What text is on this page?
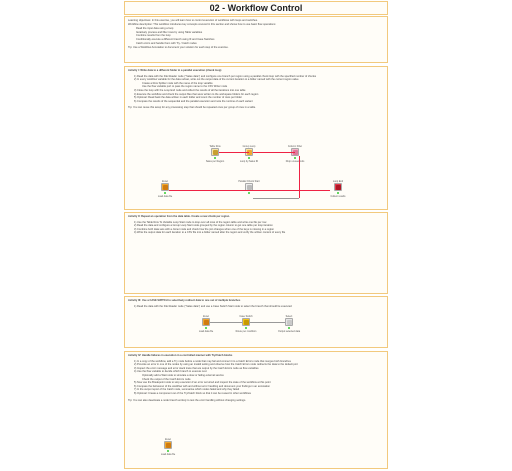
02 - Workflow Control
Learning objectives: In this exercise, you will learn how to control execution of workflows with loops and switches.
Workflow description: This workflow introduces key concepts covered in this section and shows how to use basic flow operations:
• Read the input data using a loop
• Iteratively process and filter rows by using Table variables
• Combine results from the loop
• Conditionally execute a different branch using IF and Case Switches
• Catch errors and handle them with Try / Catch nodes
Tip: Use a Workflow Annotation to document your solution for each step of the exercise.
Activity I: Write data to a different folder in a parallel execution (chunk loop)
1) Read the data with the File Reader node ("Sales data") and configure one branch per region using a parallel chunk loop with the specified number of chunks
2) In every workflow variable for the data subset, write out the output data of the current iteration to a folder named with the current region value
• Create a Row Splitter node with the name of the loop variable
• Use the flow variable port to pass the region name to the CSV Writer node
3) Close the loop with the Loop End node and collect the results of all the iterations into one table
4) Execute the workflow and check the output files that were written to the workspace folders for each region
5) Optional: Read back the data written in each folder and count the number of rows per folder
6) Compare the results of the sequential and the parallel execution and note the runtime of each variant
Tip: You can reuse this setup for any processing step that should be repeated once per group of rows in a table.
Table Row
Sales per Region
Group Loop
Loop by Sales ID
Column Filter
Drop unused cols
Excel
Load data file
Parallel Chunk Start	Loop End
Collect results
Activity II: Repeat an operation from the data table. Create a new chunk per region.
1) Use the Table Row To Variable Loop Start node to loop over all rows of the region table and write one file per row
2) Read the data and configure a Group Loop Start node grouped by the region column to get one table per loop iteration
3) Combine both data sets with a Joiner node and check how the join changes when one of the keys is missing in a region
4) Write the output data for each iteration to a CSV file into a folder named after the region and verify the written content of every file
Activity III: Use a CASE SWITCH to selectively redirect data to one out of multiple branches
1) Read the data with the File Reader node ("Sales data") and use a Case Switch Start node to select the branch that should be executed
Excel
Load data file
Case Switch
Route per condition
Select
Output selected data
Activity IV: Handle failures in execution in a controlled manner with Try/Catch blocks
1) In a copy of the workflow, add a Try node before a node that may fail and connect it to a Catch Errors node that merges both branches
2) Provoke an error in one of the nodes by using an invalid setting and observe how the Catch Errors node redirects the data to the default port
3) Inspect the error message and error stack trace that are output by the Catch Errors node as flow variables
4) Use the flow variable to decide which branch to execute next
• Optionally add a Wait node to simulate a slow or failing external service
• Check the output of the Catch Errors node
5) Now use the Breakpoint node to stop execution if an error occurred and inspect the state of the workflow at this point
6) Compare the behaviour of the workflow with and without error handling and document your findings in an annotation
7) In the output report of the Catch node, summarise which nodes failed and why they failed
8) Optional: Create a component out of the Try/Catch block so that it can be reused in other workflows
Tip: You can also deactivate a node branch entirely to test the error handling without changing settings.
Excel
Load data file
